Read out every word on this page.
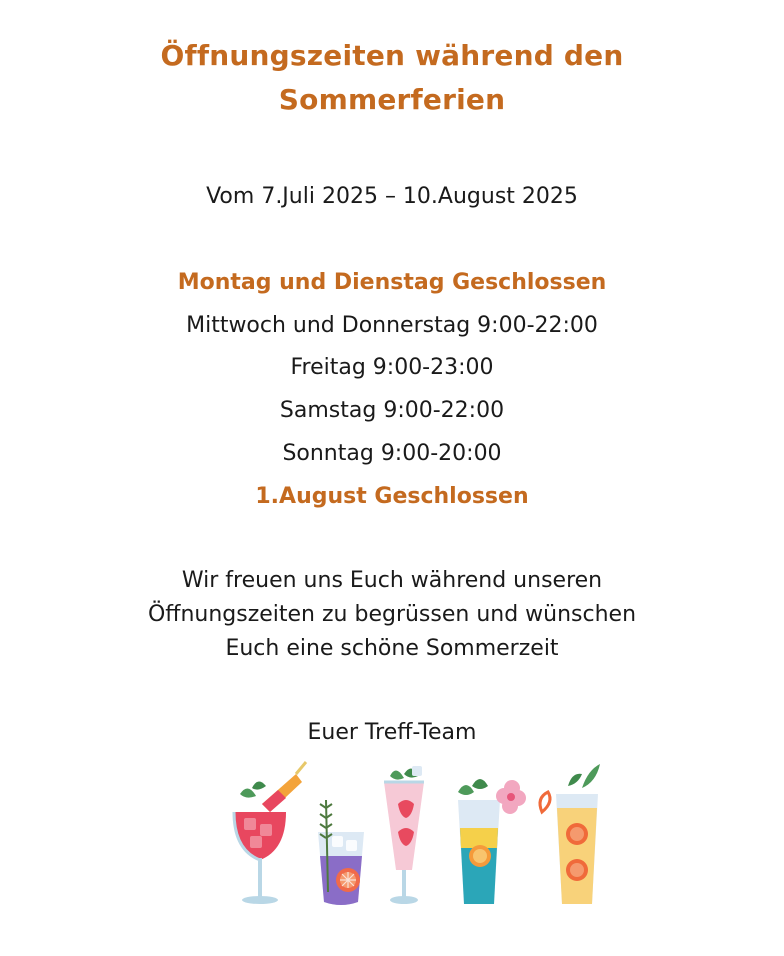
Öffnungszeiten während den
Sommerferien
Vom 7.Juli 2025 – 10.August 2025
Montag und Dienstag Geschlossen
Mittwoch und Donnerstag 9:00-22:00
Freitag 9:00-23:00
Samstag 9:00-22:00
Sonntag 9:00-20:00
1.August Geschlossen
Wir freuen uns Euch während unseren
Öffnungszeiten zu begrüssen und wünschen
Euch eine schöne Sommerzeit
Euer Treff-Team
